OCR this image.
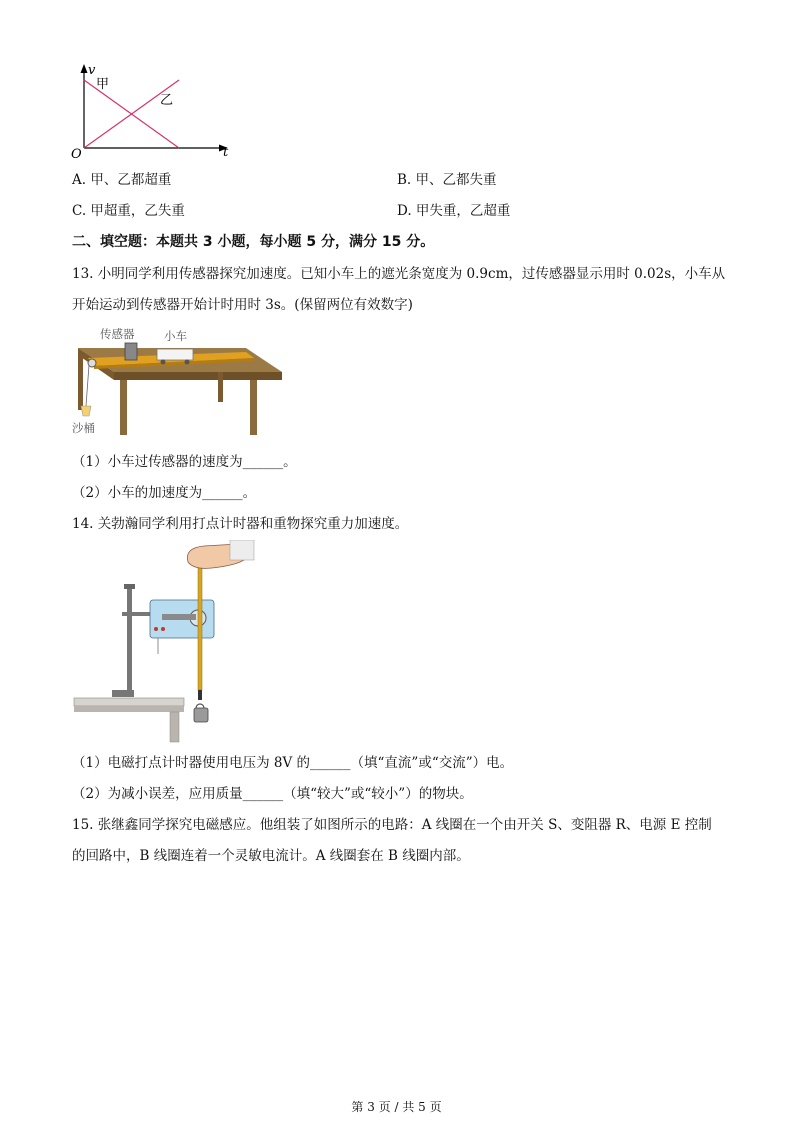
v
t
O
甲
乙
A. 甲、乙都超重	B. 甲、乙都失重
C. 甲超重，乙失重	D. 甲失重，乙超重
二、填空题：本题共 3 小题，每小题 5 分，满分 15 分。
13. 小明同学利用传感器探究加速度。已知小车上的遮光条宽度为 0.9cm，过传感器显示用时 0.02s，小车从
开始运动到传感器开始计时用时 3s。(保留两位有效数字)
传感器	小车
沙桶
（1）小车过传感器的速度为______。
（2）小车的加速度为______。
14. 关勃瀚同学利用打点计时器和重物探究重力加速度。
（1）电磁打点计时器使用电压为 8V 的______（填“直流”或“交流”）电。
（2）为减小误差，应用质量______（填“较大”或“较小”）的物块。
15. 张继鑫同学探究电磁感应。他组装了如图所示的电路：A 线圈在一个由开关 S、变阻器 R、电源 E 控制
的回路中，B 线圈连着一个灵敏电流计。A 线圈套在 B 线圈内部。
第 3 页 / 共 5 页
